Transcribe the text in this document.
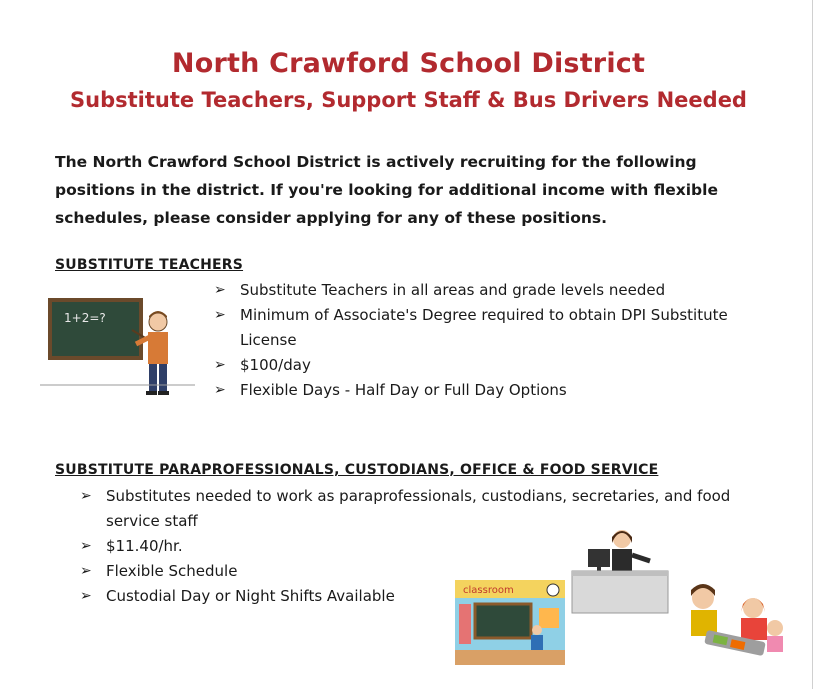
North Crawford School District
Substitute Teachers, Support Staff & Bus Drivers Needed
The North Crawford School District is actively recruiting for the following
positions in the district. If you're looking for additional income with flexible
schedules, please consider applying for any of these positions.
SUBSTITUTE TEACHERS
1+2=?
➢ Substitute Teachers in all areas and grade levels needed
➢ Minimum of Associate's Degree required to obtain DPI Substitute License
➢ $100/day
➢ Flexible Days - Half Day or Full Day Options
SUBSTITUTE PARAPROFESSIONALS, CUSTODIANS, OFFICE & FOOD SERVICE
➢ Substitutes needed to work as paraprofessionals, custodians, secretaries, and food service staff
➢ $11.40/hr.
➢ Flexible Schedule
➢ Custodial Day or Night Shifts Available	classroom
